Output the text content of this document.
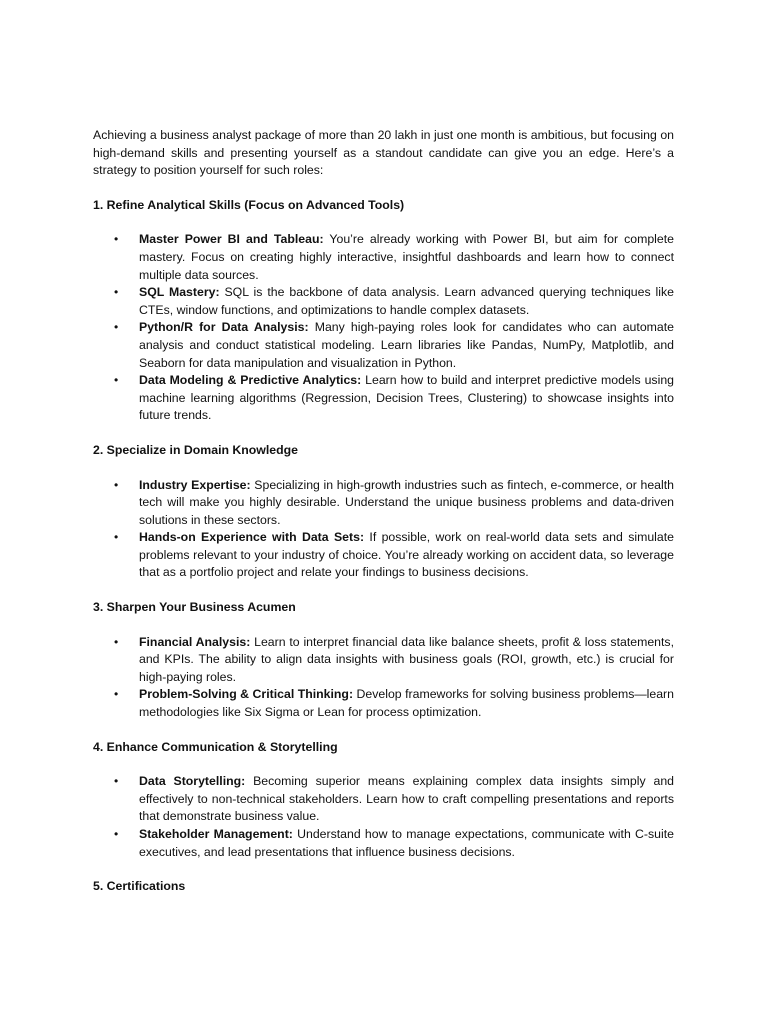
Achieving a business analyst package of more than 20 lakh in just one month is ambitious, but focusing on high-demand skills and presenting yourself as a standout candidate can give you an edge. Here’s a strategy to position yourself for such roles:

1. Refine Analytical Skills (Focus on Advanced Tools)

• Master Power BI and Tableau: You’re already working with Power BI, but aim for complete mastery. Focus on creating highly interactive, insightful dashboards and learn how to connect multiple data sources.
• SQL Mastery: SQL is the backbone of data analysis. Learn advanced querying techniques like CTEs, window functions, and optimizations to handle complex datasets.
• Python/R for Data Analysis: Many high-paying roles look for candidates who can automate analysis and conduct statistical modeling. Learn libraries like Pandas, NumPy, Matplotlib, and Seaborn for data manipulation and visualization in Python.
• Data Modeling & Predictive Analytics: Learn how to build and interpret predictive models using machine learning algorithms (Regression, Decision Trees, Clustering) to showcase insights into future trends.

2. Specialize in Domain Knowledge

• Industry Expertise: Specializing in high-growth industries such as fintech, e-commerce, or health tech will make you highly desirable. Understand the unique business problems and data-driven solutions in these sectors.
• Hands-on Experience with Data Sets: If possible, work on real-world data sets and simulate problems relevant to your industry of choice. You’re already working on accident data, so leverage that as a portfolio project and relate your findings to business decisions.

3. Sharpen Your Business Acumen

• Financial Analysis: Learn to interpret financial data like balance sheets, profit & loss statements, and KPIs. The ability to align data insights with business goals (ROI, growth, etc.) is crucial for high-paying roles.
• Problem-Solving & Critical Thinking: Develop frameworks for solving business problems—learn methodologies like Six Sigma or Lean for process optimization.

4. Enhance Communication & Storytelling

• Data Storytelling: Becoming superior means explaining complex data insights simply and effectively to non-technical stakeholders. Learn how to craft compelling presentations and reports that demonstrate business value.
• Stakeholder Management: Understand how to manage expectations, communicate with C-suite executives, and lead presentations that influence business decisions.

5. Certifications
